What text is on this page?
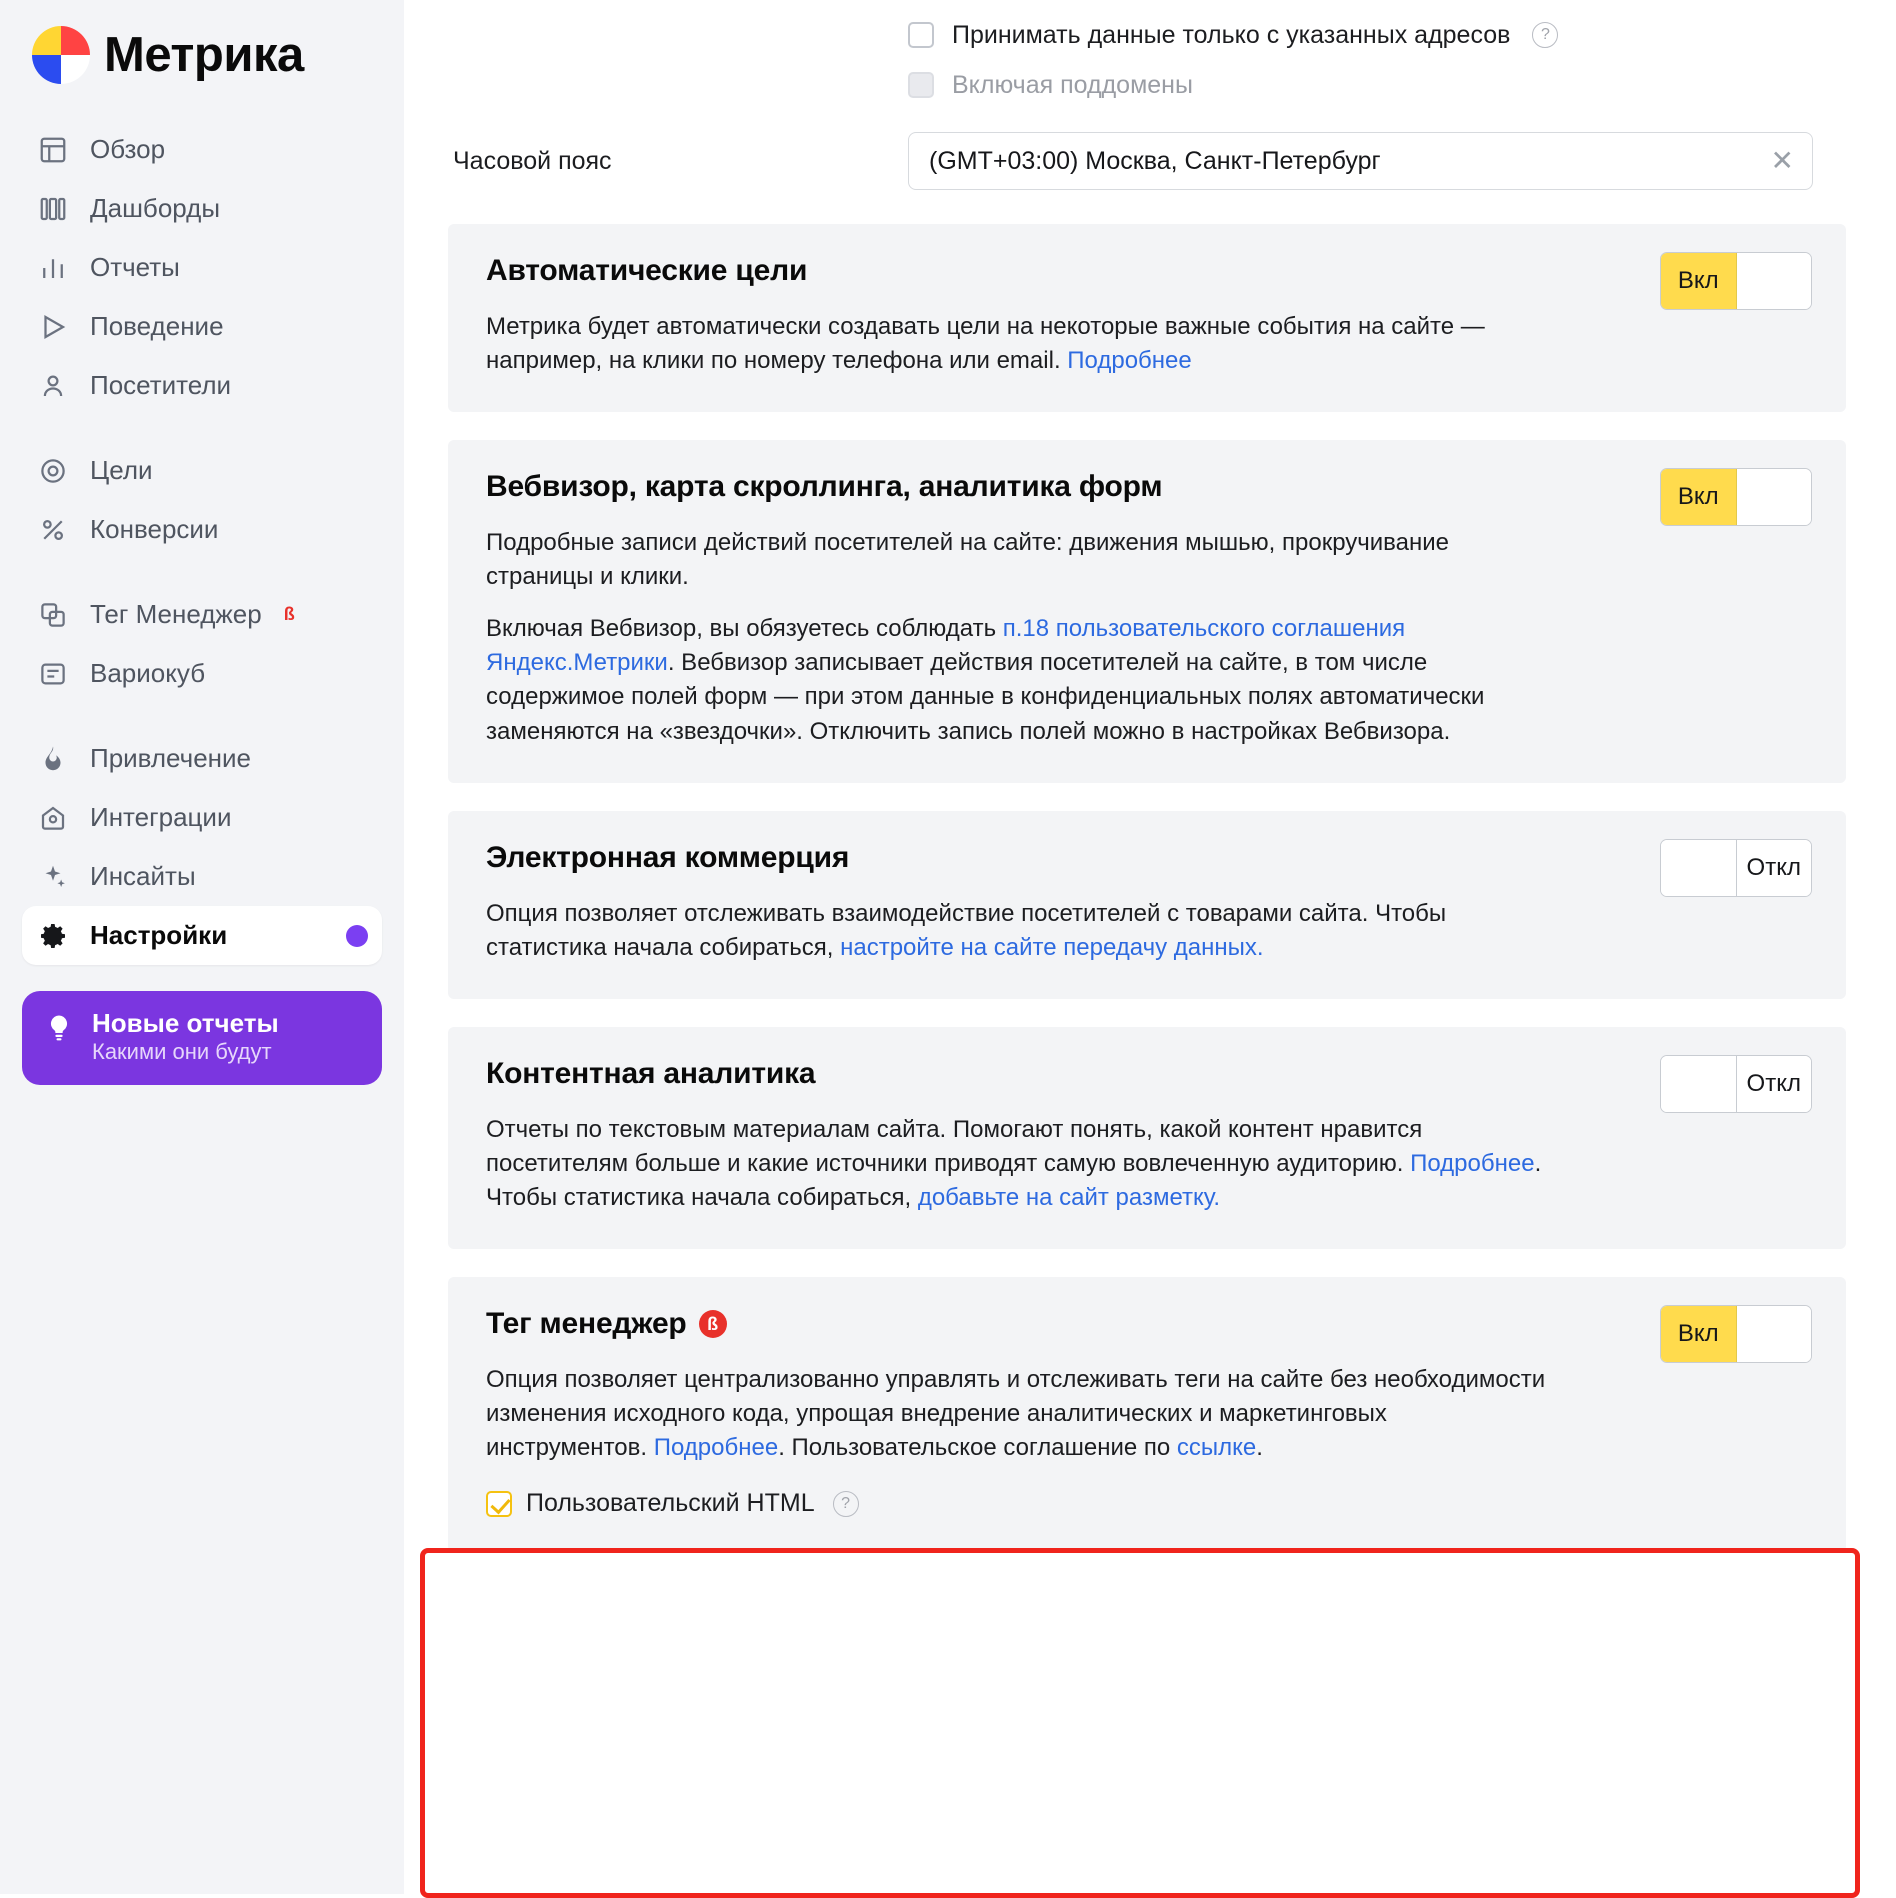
Метрика
Обзор
Дашборды
Отчеты
Поведение
Посетители
Цели
Конверсии
Тег Менеджер ß
Вариокуб
Привлечение
Интеграции
Инсайты
Настройки
Новые отчеты
Какими они будут
Принимать данные только с указанных адресов	?
Включая поддомены
Часовой пояс	(GMT+03:00) Москва, Санкт-Петербург	✕
Автоматические цели

Метрика будет автоматически создавать цели на некоторые важные события на сайте — например, на клики по номеру телефона или email. Подробнее

Вкл
Вебвизор, карта скроллинга, аналитика форм

Подробные записи действий посетителей на сайте: движения мышью, прокручивание страницы и клики.

Включая Вебвизор, вы обязуетесь соблюдать п.18 пользовательского соглашения Яндекс.Метрики. Вебвизор записывает действия посетителей на сайте, в том числе содержимое полей форм — при этом данные в конфиденциальных полях автоматически заменяются на «звездочки». Отключить запись полей можно в настройках Вебвизора.

Вкл
Электронная коммерция

Опция позволяет отслеживать взаимодействие посетителей с товарами сайта. Чтобы статистика начала собираться, настройте на сайте передачу данных.

Откл
Контентная аналитика

Отчеты по текстовым материалам сайта. Помогают понять, какой контент нравится посетителям больше и какие источники приводят самую вовлеченную аудиторию. Подробнее. Чтобы статистика начала собираться, добавьте на сайт разметку.

Откл
Тег менеджер	ß

Опция позволяет централизованно управлять и отслеживать теги на сайте без необходимости изменения исходного кода, упрощая внедрение аналитических и маркетинговых инструментов. Подробнее. Пользовательское соглашение по ссылке.

Пользовательский HTML	?
Вкл
